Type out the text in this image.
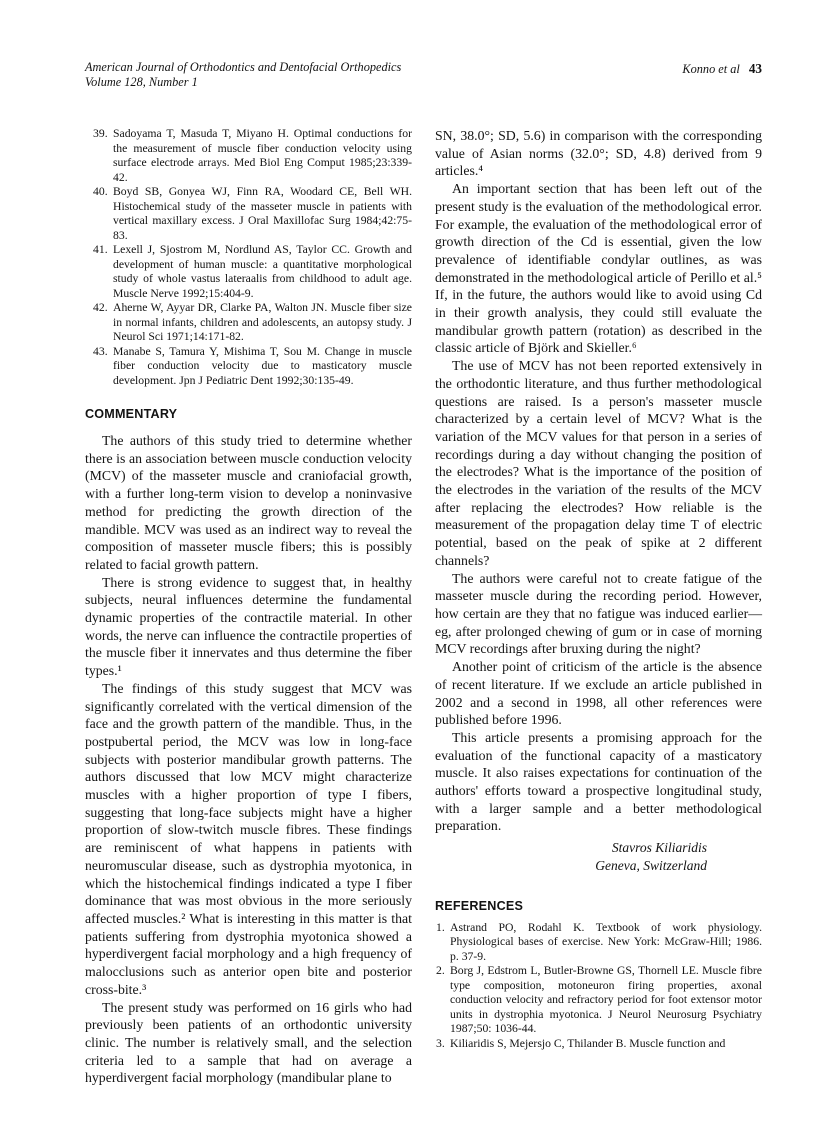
American Journal of Orthodontics and Dentofacial Orthopedics
Volume 128, Number 1
Konno et al 43
39. Sadoyama T, Masuda T, Miyano H. Optimal conductions for the measurement of muscle fiber conduction velocity using surface electrode arrays. Med Biol Eng Comput 1985;23:339-42.
40. Boyd SB, Gonyea WJ, Finn RA, Woodard CE, Bell WH. Histochemical study of the masseter muscle in patients with vertical maxillary excess. J Oral Maxillofac Surg 1984;42:75-83.
41. Lexell J, Sjostrom M, Nordlund AS, Taylor CC. Growth and development of human muscle: a quantitative morphological study of whole vastus lateraalis from childhood to adult age. Muscle Nerve 1992;15:404-9.
42. Aherne W, Ayyar DR, Clarke PA, Walton JN. Muscle fiber size in normal infants, children and adolescents, an autopsy study. J Neurol Sci 1971;14:171-82.
43. Manabe S, Tamura Y, Mishima T, Sou M. Change in muscle fiber conduction velocity due to masticatory muscle development. Jpn J Pediatric Dent 1992;30:135-49.
COMMENTARY

The authors of this study tried to determine whether there is an association between muscle conduction velocity (MCV) of the masseter muscle and craniofacial growth, with a further long-term vision to develop a noninvasive method for predicting the growth direction of the mandible. MCV was used as an indirect way to reveal the composition of masseter muscle fibers; this is possibly related to facial growth pattern.

There is strong evidence to suggest that, in healthy subjects, neural influences determine the fundamental dynamic properties of the contractile material. In other words, the nerve can influence the contractile properties of the muscle fiber it innervates and thus determine the fiber types.¹

The findings of this study suggest that MCV was significantly correlated with the vertical dimension of the face and the growth pattern of the mandible. Thus, in the postpubertal period, the MCV was low in long-face subjects with posterior mandibular growth patterns. The authors discussed that low MCV might characterize muscles with a higher proportion of type I fibers, suggesting that long-face subjects might have a higher proportion of slow-twitch muscle fibres. These findings are reminiscent of what happens in patients with neuromuscular disease, such as dystrophia myotonica, in which the histochemical findings indicated a type I fiber dominance that was most obvious in the more seriously affected muscles.² What is interesting in this matter is that patients suffering from dystrophia myotonica showed a hyperdivergent facial morphology and a high frequency of malocclusions such as anterior open bite and posterior cross-bite.³

The present study was performed on 16 girls who had previously been patients of an orthodontic university clinic. The number is relatively small, and the selection criteria led to a sample that had on average a hyperdivergent facial morphology (mandibular plane to

SN, 38.0°; SD, 5.6) in comparison with the corresponding value of Asian norms (32.0°; SD, 4.8) derived from 9 articles.⁴

An important section that has been left out of the present study is the evaluation of the methodological error. For example, the evaluation of the methodological error of growth direction of the Cd is essential, given the low prevalence of identifiable condylar outlines, as was demonstrated in the methodological article of Perillo et al.⁵ If, in the future, the authors would like to avoid using Cd in their growth analysis, they could still evaluate the mandibular growth pattern (rotation) as described in the classic article of Björk and Skieller.⁶

The use of MCV has not been reported extensively in the orthodontic literature, and thus further methodological questions are raised. Is a person's masseter muscle characterized by a certain level of MCV? What is the variation of the MCV values for that person in a series of recordings during a day without changing the position of the electrodes? What is the importance of the position of the electrodes in the variation of the results of the MCV after replacing the electrodes? How reliable is the measurement of the propagation delay time T of electric potential, based on the peak of spike at 2 different channels?

The authors were careful not to create fatigue of the masseter muscle during the recording period. However, how certain are they that no fatigue was induced earlier—eg, after prolonged chewing of gum or in case of morning MCV recordings after bruxing during the night?

Another point of criticism of the article is the absence of recent literature. If we exclude an article published in 2002 and a second in 1998, all other references were published before 1996.

This article presents a promising approach for the evaluation of the functional capacity of a masticatory muscle. It also raises expectations for continuation of the authors' efforts toward a prospective longitudinal study, with a larger sample and a better methodological preparation.

Stavros Kiliaridis
Geneva, Switzerland
REFERENCES
1. Astrand PO, Rodahl K. Textbook of work physiology. Physiological bases of exercise. New York: McGraw-Hill; 1986. p. 37-9.
2. Borg J, Edstrom L, Butler-Browne GS, Thornell LE. Muscle fibre type composition, motoneuron firing properties, axonal conduction velocity and refractory period for foot extensor motor units in dystrophia myotonica. J Neurol Neurosurg Psychiatry 1987;50: 1036-44.
3. Kiliaridis S, Mejersjo C, Thilander B. Muscle function and
